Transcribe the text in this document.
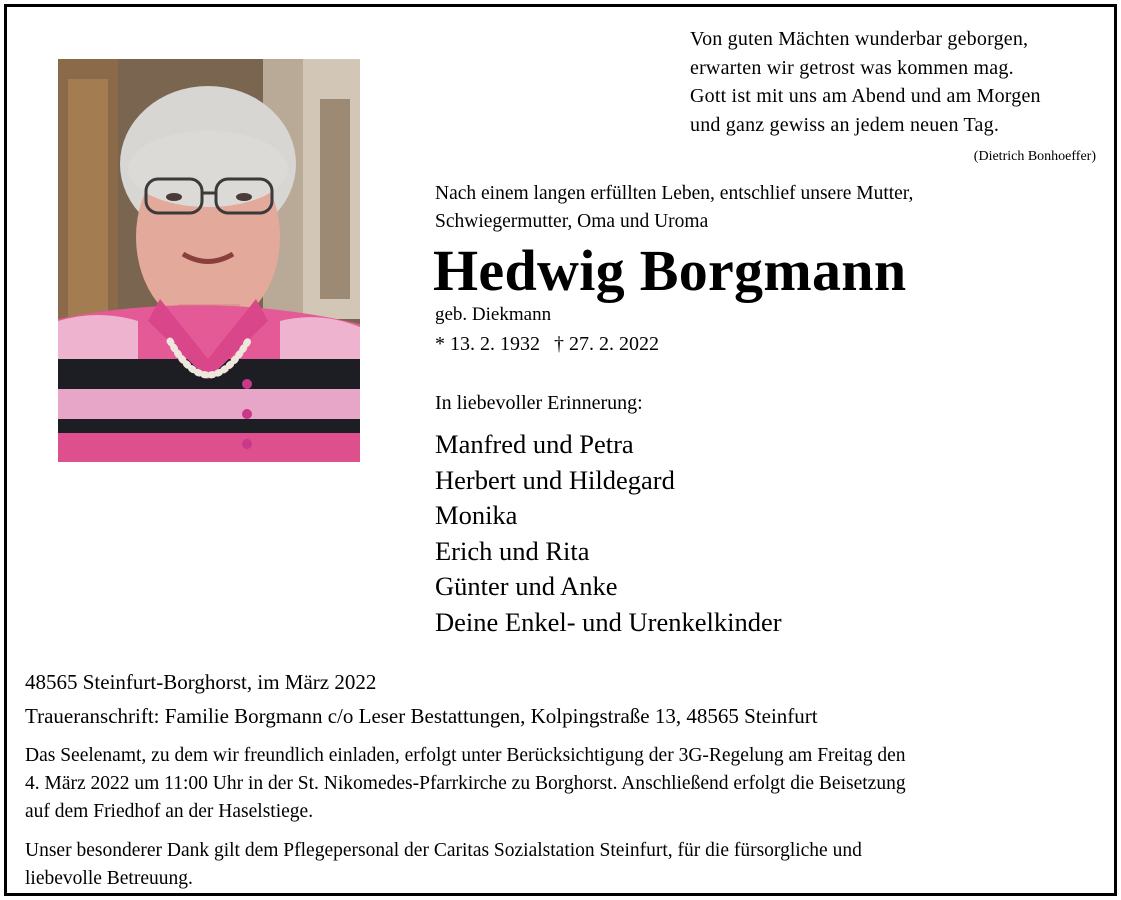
Von guten Mächten wunderbar geborgen,
erwarten wir getrost was kommen mag.
Gott ist mit uns am Abend und am Morgen
und ganz gewiss an jedem neuen Tag.
(Dietrich Bonhoeffer)
Nach einem langen erfüllten Leben, entschlief unsere Mutter,
Schwiegermutter, Oma und Uroma
Hedwig Borgmann
geb. Diekmann
* 13. 2. 1932 † 27. 2. 2022
In liebevoller Erinnerung:
Manfred und Petra
Herbert und Hildegard
Monika
Erich und Rita
Günter und Anke
Deine Enkel- und Urenkelkinder
48565 Steinfurt-Borghorst, im März 2022
Traueranschrift: Familie Borgmann c/o Leser Bestattungen, Kolpingstraße 13, 48565 Steinfurt
Das Seelenamt, zu dem wir freundlich einladen, erfolgt unter Berücksichtigung der 3G-Regelung am Freitag den
4. März 2022 um 11:00 Uhr in der St. Nikomedes-Pfarrkirche zu Borghorst. Anschließend erfolgt die Beisetzung
auf dem Friedhof an der Haselstiege.
Unser besonderer Dank gilt dem Pflegepersonal der Caritas Sozialstation Steinfurt, für die fürsorgliche und
liebevolle Betreuung.
